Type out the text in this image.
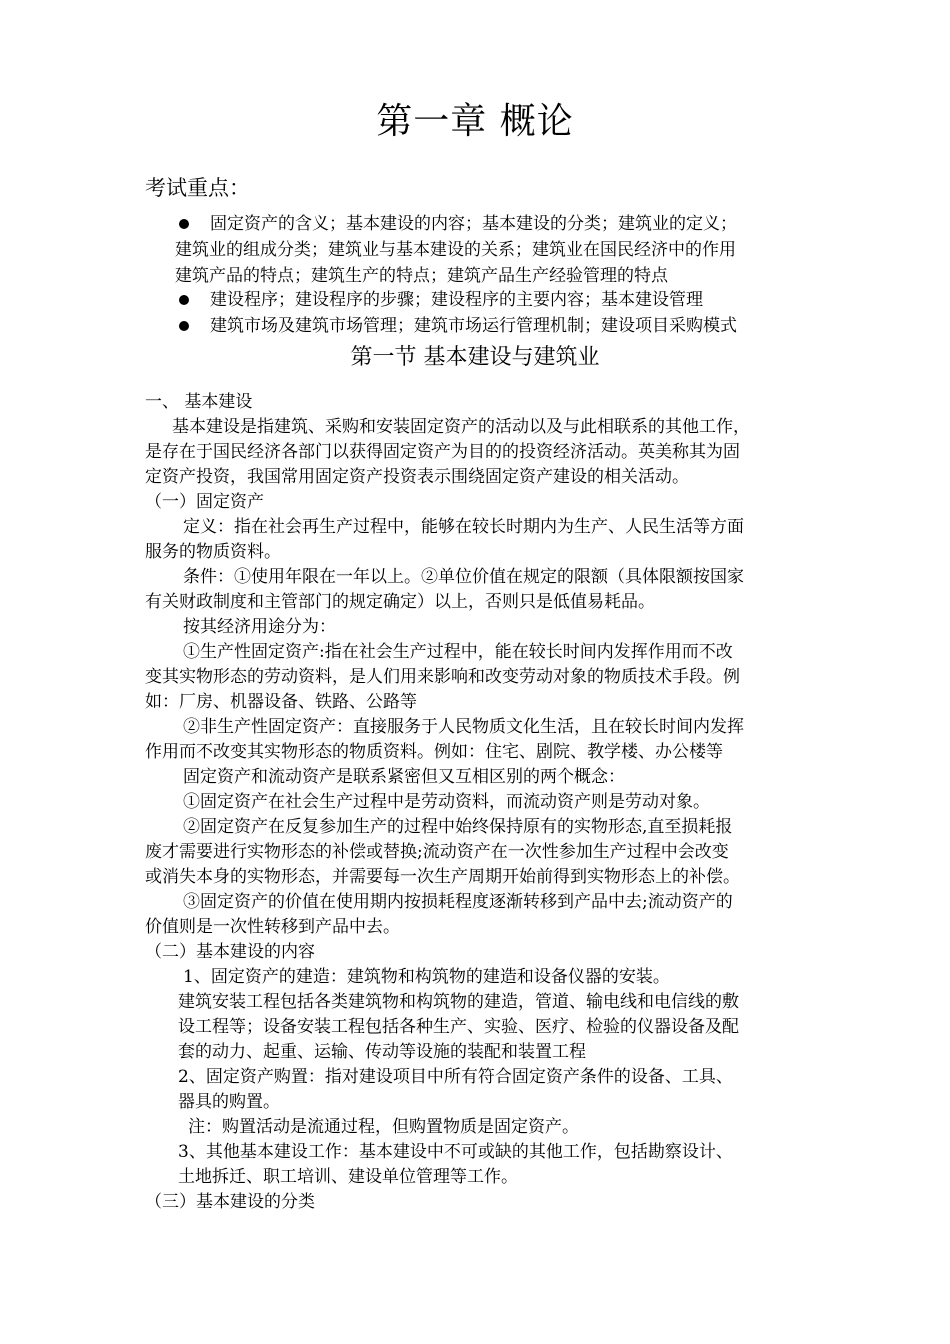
第一章 概论
考试重点：
固定资产的含义；基本建设的内容；基本建设的分类；建筑业的定义；
建筑业的组成分类；建筑业与基本建设的关系；建筑业在国民经济中的作用
建筑产品的特点；建筑生产的特点；建筑产品生产经验管理的特点
建设程序；建设程序的步骤；建设程序的主要内容；基本建设管理
建筑市场及建筑市场管理；建筑市场运行管理机制；建设项目采购模式
第一节 基本建设与建筑业
一、 基本建设
基本建设是指建筑、采购和安装固定资产的活动以及与此相联系的其他工作，
是存在于国民经济各部门以获得固定资产为目的的投资经济活动。英美称其为固
定资产投资，我国常用固定资产投资表示围绕固定资产建设的相关活动。
（一）固定资产
定义：指在社会再生产过程中，能够在较长时期内为生产、人民生活等方面
服务的物质资料。
条件：①使用年限在一年以上。②单位价值在规定的限额（具体限额按国家
有关财政制度和主管部门的规定确定）以上，否则只是低值易耗品。
按其经济用途分为：
①生产性固定资产:指在社会生产过程中，能在较长时间内发挥作用而不改
变其实物形态的劳动资料，是人们用来影响和改变劳动对象的物质技术手段。例
如：厂房、机器设备、铁路、公路等
②非生产性固定资产：直接服务于人民物质文化生活，且在较长时间内发挥
作用而不改变其实物形态的物质资料。例如：住宅、剧院、教学楼、办公楼等
固定资产和流动资产是联系紧密但又互相区别的两个概念：
①固定资产在社会生产过程中是劳动资料，而流动资产则是劳动对象。
②固定资产在反复参加生产的过程中始终保持原有的实物形态,直至损耗报
废才需要进行实物形态的补偿或替换;流动资产在一次性参加生产过程中会改变
或消失本身的实物形态，并需要每一次生产周期开始前得到实物形态上的补偿。
③固定资产的价值在使用期内按损耗程度逐渐转移到产品中去;流动资产的
价值则是一次性转移到产品中去。
（二）基本建设的内容
1、固定资产的建造：建筑物和构筑物的建造和设备仪器的安装。
建筑安装工程包括各类建筑物和构筑物的建造，管道、输电线和电信线的敷
设工程等；设备安装工程包括各种生产、实验、医疗、检验的仪器设备及配
套的动力、起重、运输、传动等设施的装配和装置工程
2、固定资产购置：指对建设项目中所有符合固定资产条件的设备、工具、
器具的购置。
注：购置活动是流通过程，但购置物质是固定资产。
3、其他基本建设工作：基本建设中不可或缺的其他工作，包括勘察设计、
土地拆迁、职工培训、建设单位管理等工作。
（三）基本建设的分类
